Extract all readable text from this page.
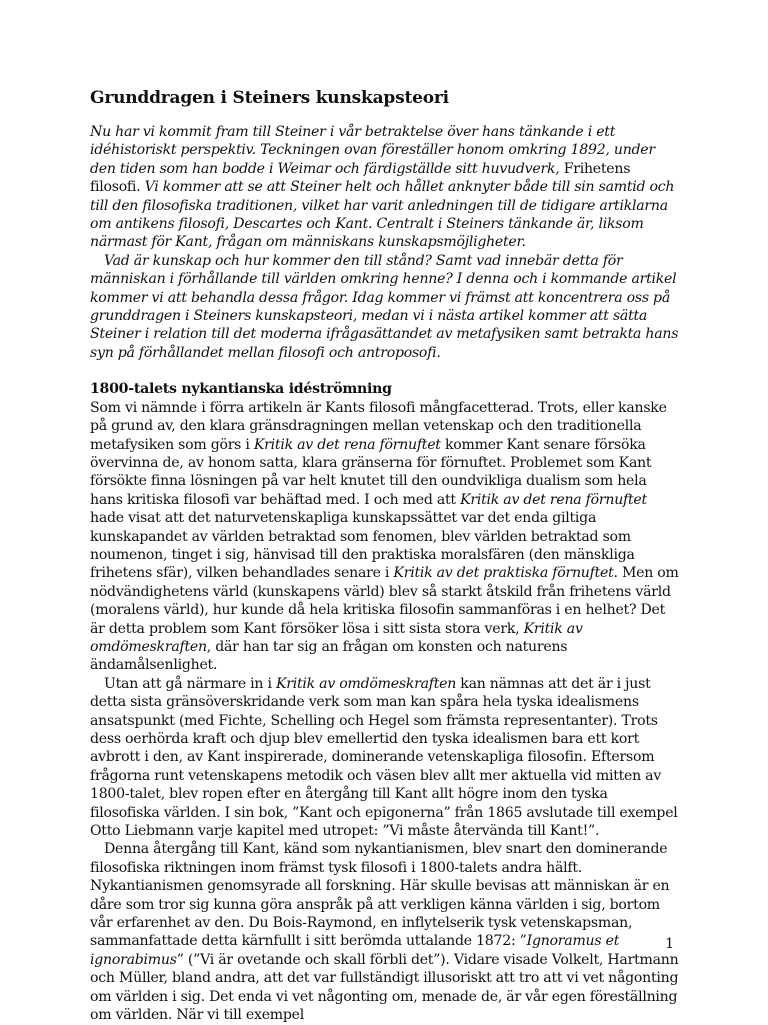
Grunddragen i Steiners kunskapsteori

Nu har vi kommit fram till Steiner i vår betraktelse över hans tänkande i ett idéhistoriskt perspektiv. Teckningen ovan föreställer honom omkring 1892, under den tiden som han bodde i Weimar och färdigställde sitt huvudverk, Frihetens filosofi. Vi kommer att se att Steiner helt och hållet anknyter både till sin samtid och till den filosofiska traditionen, vilket har varit anledningen till de tidigare artiklarna om antikens filosofi, Descartes och Kant. Centralt i Steiners tänkande är, liksom närmast för Kant, frågan om människans kunskapsmöjligheter.

Vad är kunskap och hur kommer den till stånd? Samt vad innebär detta för människan i förhållande till världen omkring henne? I denna och i kommande artikel kommer vi att behandla dessa frågor. Idag kommer vi främst att koncentrera oss på grunddragen i Steiners kunskapsteori, medan vi i nästa artikel kommer att sätta Steiner i relation till det moderna ifrågasättandet av metafysiken samt betrakta hans syn på förhållandet mellan filosofi och antroposofi.

1800-talets nykantianska idéströmning

Som vi nämnde i förra artikeln är Kants filosofi mångfacetterad. Trots, eller kanske på grund av, den klara gränsdragningen mellan vetenskap och den traditionella metafysiken som görs i Kritik av det rena förnuftet kommer Kant senare försöka övervinna de, av honom satta, klara gränserna för förnuftet. Problemet som Kant försökte finna lösningen på var helt knutet till den oundvikliga dualism som hela hans kritiska filosofi var behäftad med. I och med att Kritik av det rena förnuftet hade visat att det naturvetenskapliga kunskapssättet var det enda giltiga kunskapandet av världen betraktad som fenomen, blev världen betraktad som noumenon, tinget i sig, hänvisad till den praktiska moralsfären (den mänskliga frihetens sfär), vilken behandlades senare i Kritik av det praktiska förnuftet. Men om nödvändighetens värld (kunskapens värld) blev så starkt åtskild från frihetens värld (moralens värld), hur kunde då hela kritiska filosofin sammanföras i en helhet? Det är detta problem som Kant försöker lösa i sitt sista stora verk, Kritik av omdömeskraften, där han tar sig an frågan om konsten och naturens ändamålsenlighet.

Utan att gå närmare in i Kritik av omdömeskraften kan nämnas att det är i just detta sista gränsöverskridande verk som man kan spåra hela tyska idealismens ansatspunkt (med Fichte, Schelling och Hegel som främsta representanter). Trots dess oerhörda kraft och djup blev emellertid den tyska idealismen bara ett kort avbrott i den, av Kant inspirerade, dominerande vetenskapliga filosofin. Eftersom frågorna runt vetenskapens metodik och väsen blev allt mer aktuella vid mitten av 1800-talet, blev ropen efter en återgång till Kant allt högre inom den tyska filosofiska världen. I sin bok, ”Kant och epigonerna” från 1865 avslutade till exempel Otto Liebmann varje kapitel med utropet: ”Vi måste återvända till Kant!”.

Denna återgång till Kant, känd som nykantianismen, blev snart den dominerande filosofiska riktningen inom främst tysk filosofi i 1800-talets andra hälft. Nykantianismen genomsyrade all forskning. Här skulle bevisas att människan är en dåre som tror sig kunna göra anspråk på att verkligen känna världen i sig, bortom vår erfarenhet av den. Du Bois-Raymond, en inflytelserik tysk vetenskapsman, sammanfattade detta kärnfullt i sitt berömda uttalande 1872: ”Ignoramus et ignorabimus” (”Vi är ovetande och skall förbli det”). Vidare visade Volkelt, Hartmann och Müller, bland andra, att det var fullständigt illusoriskt att tro att vi vet någonting om världen i sig. Det enda vi vet någonting om, menade de, är vår egen föreställning om världen. När vi till exempel

1
